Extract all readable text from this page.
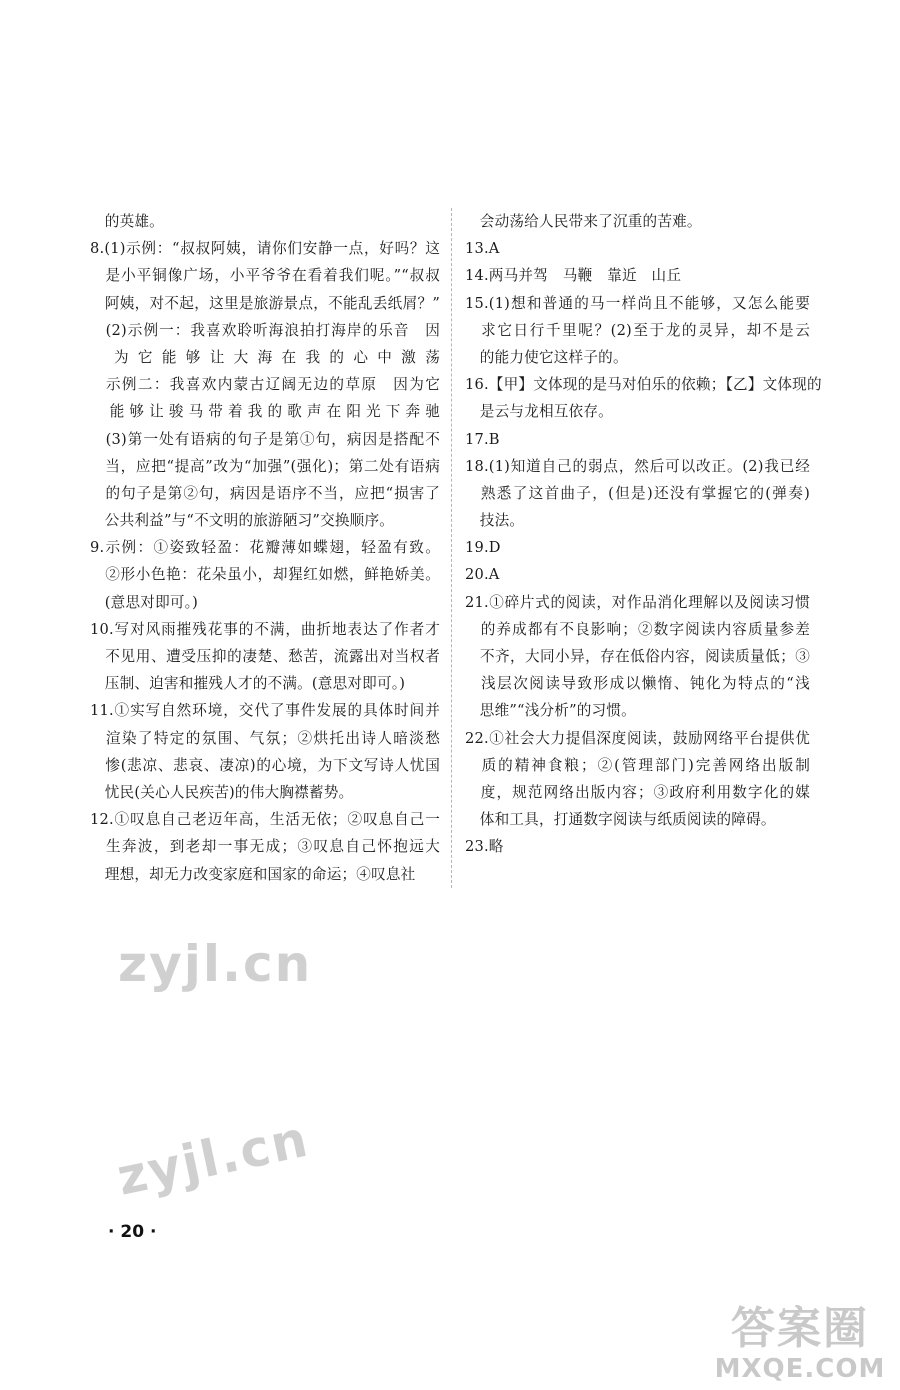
　的英雄。
8.(1)示例：“叔叔阿姨，请你们安静一点，好吗？这
　是小平铜像广场，小平爷爷在看着我们呢。”“叔叔
　阿姨，对不起，这里是旅游景点，不能乱丢纸屑？”
　(2)示例一：我喜欢聆听海浪拍打海岸的乐音　因
　为它能够让大海在我的心中激荡
　示例二：我喜欢内蒙古辽阔无边的草原　因为它
　能够让骏马带着我的歌声在阳光下奔驰
　(3)第一处有语病的句子是第①句，病因是搭配不
　当，应把“提高”改为“加强”(强化)；第二处有语病
　的句子是第②句，病因是语序不当，应把“损害了
　公共利益”与“不文明的旅游陋习”交换顺序。
9.示例：①姿致轻盈：花瓣薄如蝶翅，轻盈有致。
　②形小色艳：花朵虽小，却猩红如燃，鲜艳娇美。
　(意思对即可。)
10.写对风雨摧残花事的不满，曲折地表达了作者才
　不见用、遭受压抑的凄楚、愁苦，流露出对当权者
　压制、迫害和摧残人才的不满。(意思对即可。)
11.①实写自然环境，交代了事件发展的具体时间并
　渲染了特定的氛围、气氛；②烘托出诗人暗淡愁
　惨(悲凉、悲哀、凄凉)的心境，为下文写诗人忧国
　忧民(关心人民疾苦)的伟大胸襟蓄势。
12.①叹息自己老迈年高，生活无依；②叹息自己一
　生奔波，到老却一事无成；③叹息自己怀抱远大
　理想，却无力改变家庭和国家的命运；④叹息社
　会动荡给人民带来了沉重的苦难。
13.A
14.两马并驾　马鞭　靠近　山丘
15.(1)想和普通的马一样尚且不能够，又怎么能要
　求它日行千里呢？(2)至于龙的灵异，却不是云
　的能力使它这样子的。
16.【甲】文体现的是马对伯乐的依赖；【乙】文体现的
　是云与龙相互依存。
17.B
18.(1)知道自己的弱点，然后可以改正。(2)我已经
　熟悉了这首曲子，(但是)还没有掌握它的(弹奏)
　技法。
19.D
20.A
21.①碎片式的阅读，对作品消化理解以及阅读习惯
　的养成都有不良影响；②数字阅读内容质量参差
　不齐，大同小异，存在低俗内容，阅读质量低；③
　浅层次阅读导致形成以懒惰、钝化为特点的“浅
　思维”“浅分析”的习惯。
22.①社会大力提倡深度阅读，鼓励网络平台提供优
　质的精神食粮；②(管理部门)完善网络出版制
　度，规范网络出版内容；③政府利用数字化的媒
　体和工具，打通数字阅读与纸质阅读的障碍。
23.略
zyjl.cn
zyjl.cn
· 20 ·
答案圈
MXQE.COM
